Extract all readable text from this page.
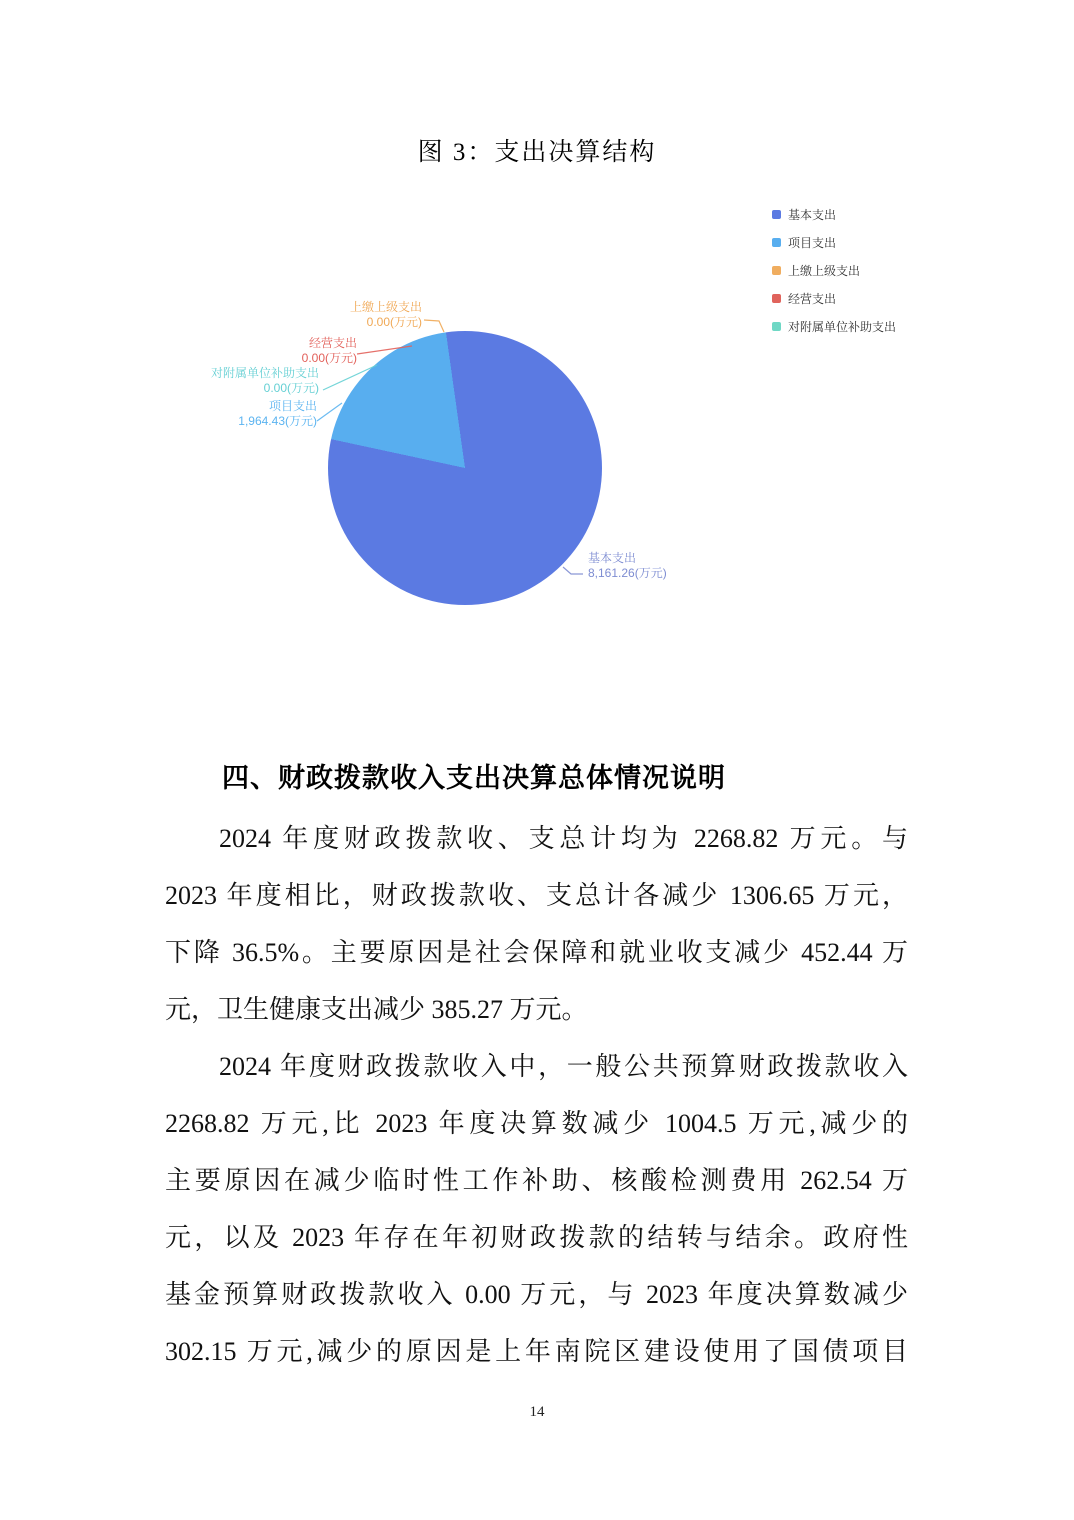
图 3：支出决算结构
基本支出
项目支出
上缴上级支出
经营支出
对附属单位补助支出
上缴上级支出
0.00(万元)
经营支出
0.00(万元)
对附属单位补助支出
0.00(万元)
项目支出
1,964.43(万元)
基本支出
8,161.26(万元)
四、财政拨款收入支出决算总体情况说明
2024 年度财政拨款收、支总计均为 2268.82 万元。与
2023 年度相比，财政拨款收、支总计各减少 1306.65 万元，
下降 36.5%。主要原因是社会保障和就业收支减少 452.44 万
元，卫生健康支出减少 385.27 万元。
2024 年度财政拨款收入中，一般公共预算财政拨款收入
2268.82 万元,比 2023 年度决算数减少 1004.5 万元,减少的
主要原因在减少临时性工作补助、核酸检测费用 262.54 万
元，以及 2023 年存在年初财政拨款的结转与结余。政府性
基金预算财政拨款收入 0.00 万元，与 2023 年度决算数减少
302.15 万元,减少的原因是上年南院区建设使用了国债项目
14
